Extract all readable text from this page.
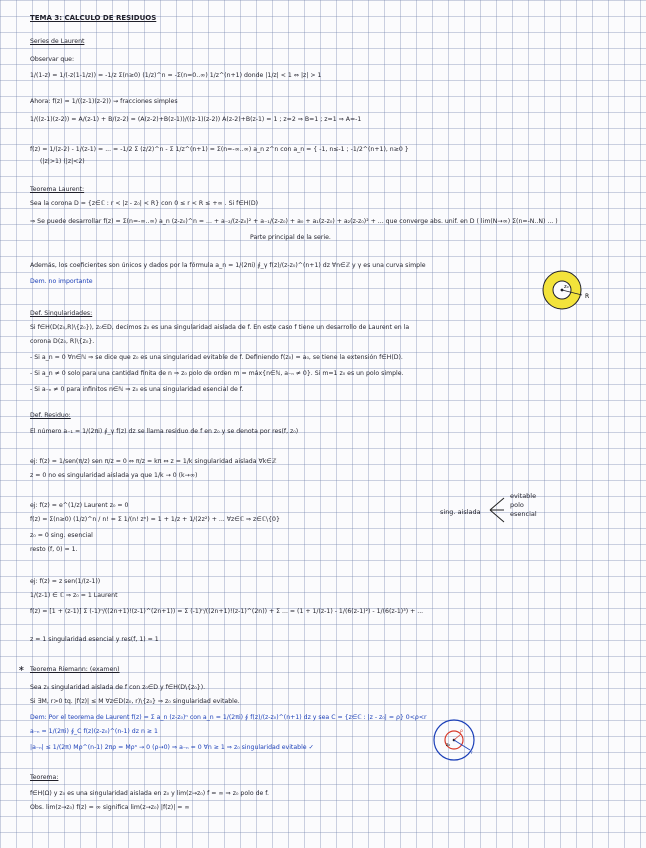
TEMA 3: CÁLCULO DE RESIDUOS
Series de Laurent
Observar que:
1/(1-z) = 1/(-z(1-1/z)) = -1/z Σ(n≥0) (1/z)^n = -Σ(n=0..∞) 1/z^(n+1) donde |1/z| < 1 ⇔ |z| > 1
Ahora: f(z) = 1/((z-1)(z-2)) ⇝ fracciones simples
1/((z-1)(z-2)) = A/(z-1) + B/(z-2) = (A(z-2)+B(z-1))/((z-1)(z-2)) A(z-2)+B(z-1) = 1 ; z=2 ⇒ B=1 ; z=1 ⇒ A=-1
f(z) = 1/(z-2) - 1/(z-1) = ... = -1/2 Σ (z/2)^n - Σ 1/z^(n+1) = Σ(n=-∞..∞) a_n z^n con a_n = { -1, n≤-1 ; -1/2^(n+1), n≥0 }
(|z|>1) (|z|<2)
Teorema Laurent:
Sea la corona D = {z∈ℂ : r < |z - z₀| < R} con 0 ≤ r < R ≤ +∞ . Si f∈H(D)
⇒ Se puede desarrollar f(z) = Σ(n=-∞..∞) a_n (z-z₀)^n = ... + a₋₂/(z-z₀)² + a₋₁/(z-z₀) + a₀ + a₁(z-z₀) + a₂(z-z₀)² + ... que converge abs. unif. en D ( lim(N→∞) Σ(n=-N..N) ... )
Parte principal de la serie.
Además, los coeficientes son únicos y dados por la fórmula a_n = 1/(2πi) ∮_γ f(z)/(z-z₀)^(n+1) dz ∀n∈ℤ y γ es una curva simple
Dem. no importante
z₀
R
Def. Singularidades:
Si f∈H(D(z₀,R)\{z₀}), z₀∈D, decimos z₀ es una singularidad aislada de f. En este caso f tiene un desarrollo de Laurent en la
corona D(z₀, R)\{z₀}.
- Si a_n = 0 ∀n∈ℕ ⇒ se dice que z₀ es una singularidad evitable de f. Definiendo f(z₀) = a₀, se tiene la extensión f∈H(D).
- Si a_n ≠ 0 solo para una cantidad finita de n ⇒ z₀ polo de orden m = máx{n∈ℕ, a₋ₙ ≠ 0}. Si m=1 z₀ es un polo simple.
- Si a₋ₙ ≠ 0 para infinitos n∈ℕ ⇒ z₀ es una singularidad esencial de f.
Def. Residuo:
El número a₋₁ = 1/(2πi) ∮_γ f(z) dz se llama residuo de f en z₀ y se denota por res(f, z₀)
ej: f(z) = 1/sen(π/z) sen π/z = 0 ⇔ π/z = kπ ⇔ z = 1/k singularidad aislada ∀k∈ℤ
z = 0 no es singularidad aislada ya que 1/k → 0 (k→∞)
ej: f(z) = e^(1/z) Laurent z₀ = 0
f(z) = Σ(n≥0) (1/z)^n / n! = Σ 1/(n! zⁿ) = 1 + 1/z + 1/(2z²) + ... ∀z∈ℂ ⇒ z∈ℂ\{0}
z₀ = 0 sing. esencial
resto (f, 0) = 1.
sing. aislada
evitable
polo
esencial
ej: f(z) = z sen(1/(z-1))
1/(z-1) ∈ ℂ ⇒ z₀ = 1 Laurent
f(z) = [1 + (z-1)] Σ (-1)ⁿ/((2n+1)!(z-1)^(2n+1)) = Σ (-1)ⁿ/((2n+1)!(z-1)^(2n)) + Σ ... = (1 + 1/(z-1) - 1/(6(z-1)²) - 1/(6(z-1)³) + ...
z = 1 singularidad esencial y res(f, 1) = 1
∗ Teorema Riemann: (examen)
Sea z₀ singularidad aislada de f con z₀∈D y f∈H(D\{z₀}).
Si ∃M, r>0 tq. |f(z)| ≤ M ∀z∈D(z₀, r)\{z₀} ⇒ z₀ singularidad evitable.
Dem: Por el teorema de Laurent f(z) = Σ a_n (z-z₀)ⁿ con a_n = 1/(2πi) ∮ f(z)/(z-z₀)^(n+1) dz y sea C = {z∈ℂ : |z - z₀| = ρ} 0<ρ<r
a₋ₙ = 1/(2πi) ∮_C f(z)(z-z₀)^(n-1) dz n ≥ 1
|a₋ₙ| ≤ 1/(2π) Mρ^(n-1) 2πρ = Mρⁿ → 0 (ρ→0) ⇒ a₋ₙ = 0 ∀n ≥ 1 ⇒ z₀ singularidad evitable ✓	z₀
ρ
r
Teorema:
f∈H(Ω) y z₀ es una singularidad aislada en z₀ y lim(z→z₀) f = ∞ ⇒ z₀ polo de f.
Obs. lim(z→z₀) f(z) = ∞ significa lim(z→z₀) |f(z)| = ∞
